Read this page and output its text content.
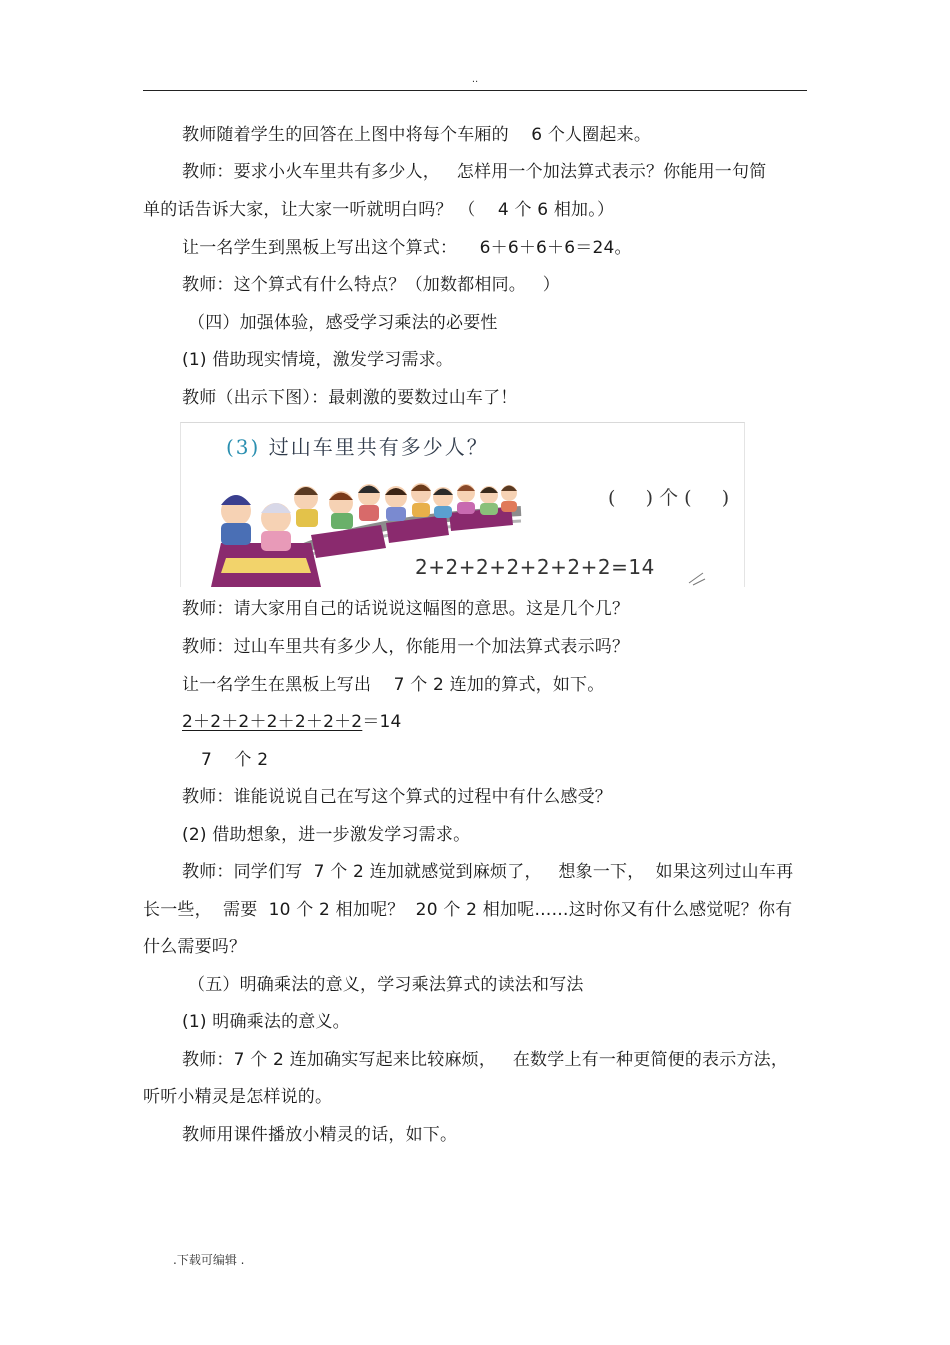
..
教师随着学生的回答在上图中将每个车厢的    6 个人圈起来。
教师：要求小火车里共有多少人，   怎样用一个加法算式表示？你能用一句简
单的话告诉大家，让大家一听就明白吗？ （    4 个 6 相加。）
让一名学生到黑板上写出这个算式：    6＋6＋6＋6＝24。
教师：这个算式有什么特点？（加数都相同。   ）
（四）加强体验，感受学习乘法的必要性
(1) 借助现实情境，激发学习需求。
教师（出示下图）：最刺激的要数过山车了！
(3) 过山车里共有多少人？
(     ) 个 (     )
2+2+2+2+2+2+2=14
教师：请大家用自己的话说说这幅图的意思。这是几个几？
教师：过山车里共有多少人，你能用一个加法算式表示吗？
让一名学生在黑板上写出    7 个 2 连加的算式，如下。
2＋2＋2＋2＋2＋2＋2＝14
7    个 2
教师：谁能说说自己在写这个算式的过程中有什么感受？
(2) 借助想象，进一步激发学习需求。
教师：同学们写  7 个 2 连加就感觉到麻烦了，   想象一下，  如果这列过山车再
长一些，  需要  10 个 2 相加呢？  20 个 2 相加呢……这时你又有什么感觉呢？你有
什么需要吗？
（五）明确乘法的意义，学习乘法算式的读法和写法
(1) 明确乘法的意义。
教师：7 个 2 连加确实写起来比较麻烦，   在数学上有一种更简便的表示方法，
听听小精灵是怎样说的。
教师用课件播放小精灵的话，如下。
.下载可编辑 .
